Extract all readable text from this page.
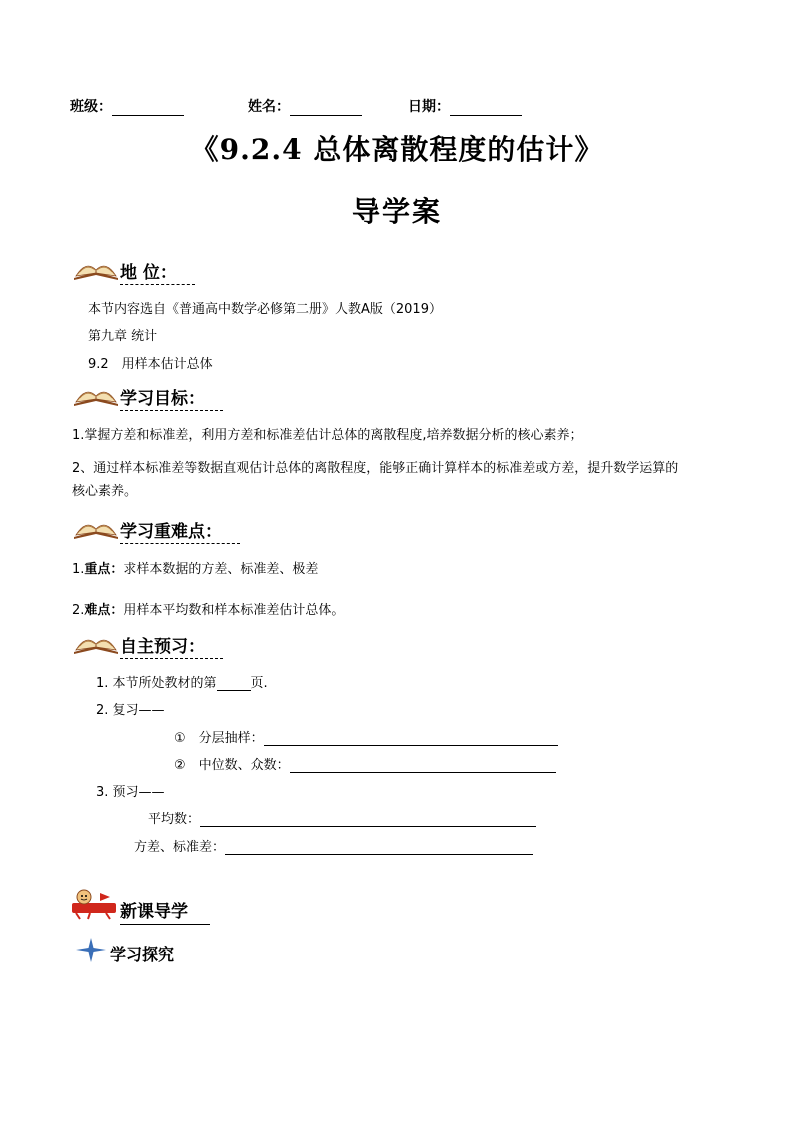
班级：	姓名：	日期：
《9.2.4 总体离散程度的估计》
导学案
地 位：
本节内容选自《普通高中数学必修第二册》人教A版（2019）
第九章 统计
9.2　用样本估计总体
学习目标：
1.掌握方差和标准差，利用方差和标准差估计总体的离散程度,培养数据分析的核心素养；
2、通过样本标准差等数据直观估计总体的离散程度，能够正确计算样本的标准差或方差，提升数学运算的
核心素养。
学习重难点：
1.重点：求样本数据的方差、标准差、极差
2.难点：用样本平均数和样本标准差估计总体。
自主预习：
1. 本节所处教材的第	页.
2. 复习——
①　分层抽样：
②　中位数、众数：
3. 预习——
平均数：
方差、标准差：
新课导学
学习探究
